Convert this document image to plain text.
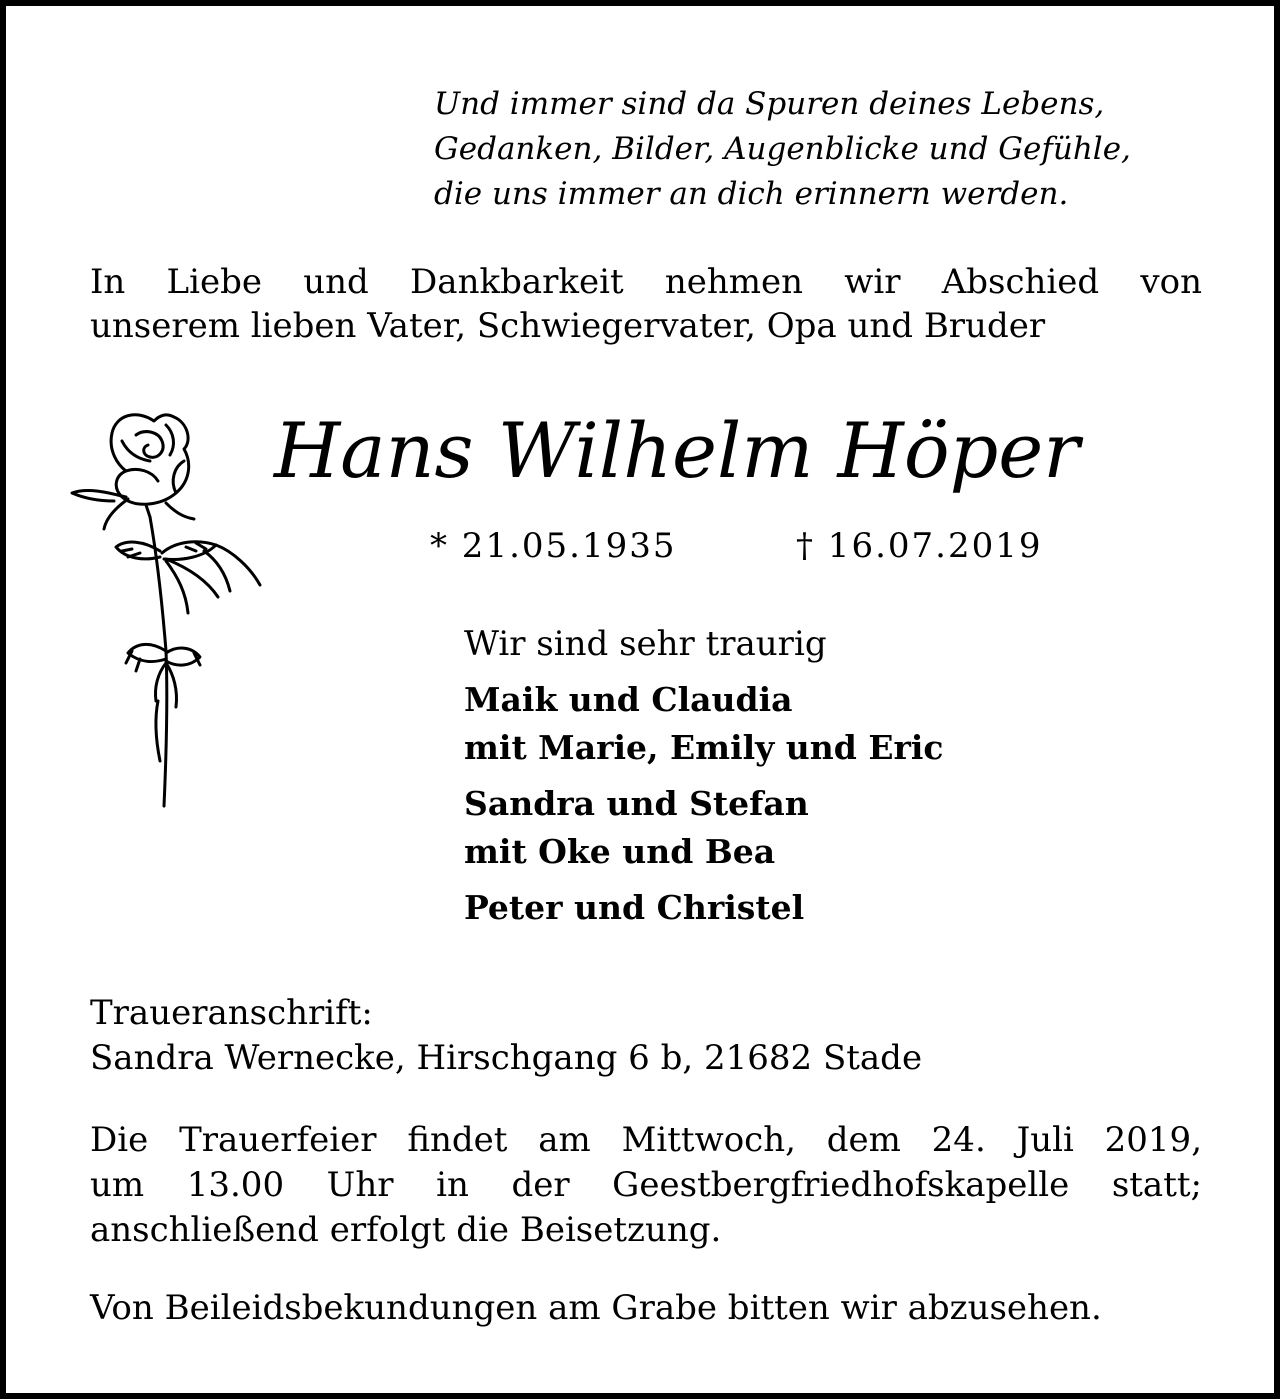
Und immer sind da Spuren deines Lebens,
Gedanken, Bilder, Augenblicke und Gefühle,
die uns immer an dich erinnern werden.
In Liebe und Dankbarkeit nehmen wir Abschied von
unserem lieben Vater, Schwiegervater, Opa und Bruder
Hans Wilhelm Höper
* 21.05.1935	† 16.07.2019
Wir sind sehr traurig
Maik und Claudia
mit Marie, Emily und Eric
Sandra und Stefan
mit Oke und Bea
Peter und Christel
Traueranschrift:
Sandra Wernecke, Hirschgang 6 b, 21682 Stade
Die Trauerfeier findet am Mittwoch, dem 24. Juli 2019,
um 13.00 Uhr in der Geestbergfriedhofskapelle statt;
anschließend erfolgt die Beisetzung.
Von Beileidsbekundungen am Grabe bitten wir abzusehen.
